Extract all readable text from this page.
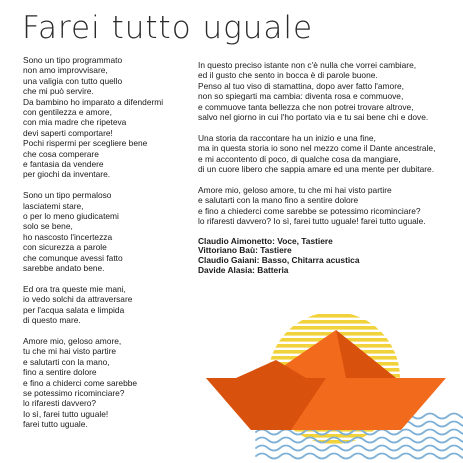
Farei tutto uguale
Sono un tipo programmato
non amo improvvisare,
una valigia con tutto quello
che mi può servire.
Da bambino ho imparato a difendermi
con gentilezza e amore,
con mia madre che ripeteva
devi saperti comportare!
Pochi rispermi per scegliere bene
che cosa comperare
e fantasia da vendere
per giochi da inventare.
Sono un tipo permaloso
lasciatemi stare,
o per lo meno giudicatemi
solo se bene,
ho nascosto l'incertezza
con sicurezza a parole
che comunque avessi fatto
sarebbe andato bene.
Ed ora tra queste mie mani,
io vedo solchi da attraversare
per l'acqua salata e limpida
di questo mare.
Amore mio, geloso amore,
tu che mi hai visto partire
e salutarti con la mano,
fino a sentire dolore
e fino a chiderci come sarebbe
se potessimo ricominciare?
lo rifaresti davvero?
Io sì, farei tutto uguale!
farei tutto uguale.
In questo preciso istante non c'è nulla che vorrei cambiare,
ed il gusto che sento in bocca è di parole buone.
Penso al tuo viso di stamattina, dopo aver fatto l'amore,
non so spiegarti ma cambia: diventa rosa e commuove,
e commuove tanta bellezza che non potrei trovare altrove,
salvo nel giorno in cui l'ho portato via e tu sai bene chi e dove.
Una storia da raccontare ha un inizio e una fine,
ma in questa storia io sono nel mezzo come il Dante ancestrale,
e mi accontento di poco, di qualche cosa da mangiare,
di un cuore libero che sappia amare ed una mente per dubitare.
Amore mio, geloso amore, tu che mi hai visto partire
e salutarti con la mano fino a sentire dolore
e fino a chiederci come sarebbe se potessimo ricominciare?
lo rifaresti davvero? Io sì, farei tutto uguale! farei tutto uguale.
Claudio Aimonetto: Voce, Tastiere
Vittoriano Baù: Tastiere
Claudio Gaiani: Basso, Chitarra acustica
Davide Alasia: Batteria
